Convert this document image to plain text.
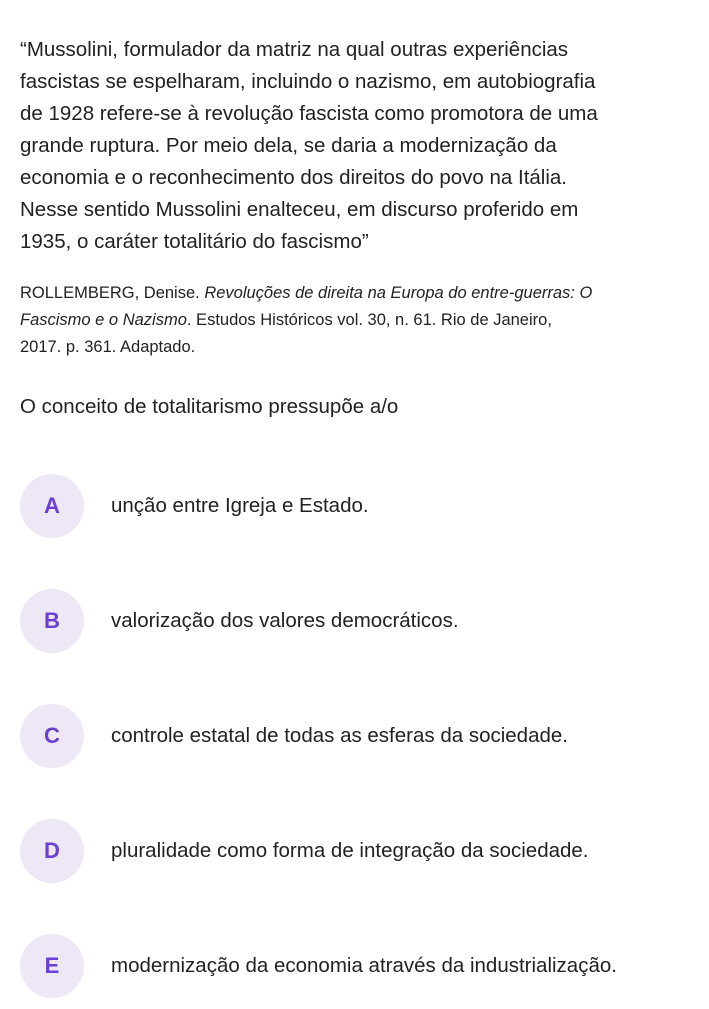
“Mussolini, formulador da matriz na qual outras experiências
fascistas se espelharam, incluindo o nazismo, em autobiografia
de 1928 refere-se à revolução fascista como promotora de uma
grande ruptura. Por meio dela, se daria a modernização da
economia e o reconhecimento dos direitos do povo na Itália.
Nesse sentido Mussolini enalteceu, em discurso proferido em
1935, o caráter totalitário do fascismo”
ROLLEMBERG, Denise. Revoluções de direita na Europa do entre-guerras: O
Fascismo e o Nazismo. Estudos Históricos vol. 30, n. 61. Rio de Janeiro,
2017. p. 361. Adaptado.

O conceito de totalitarismo pressupõe a/o

A unção entre Igreja e Estado.
B valorização dos valores democráticos.
C controle estatal de todas as esferas da sociedade.
D pluralidade como forma de integração da sociedade.
E	modernização da economia através da industrialização.
